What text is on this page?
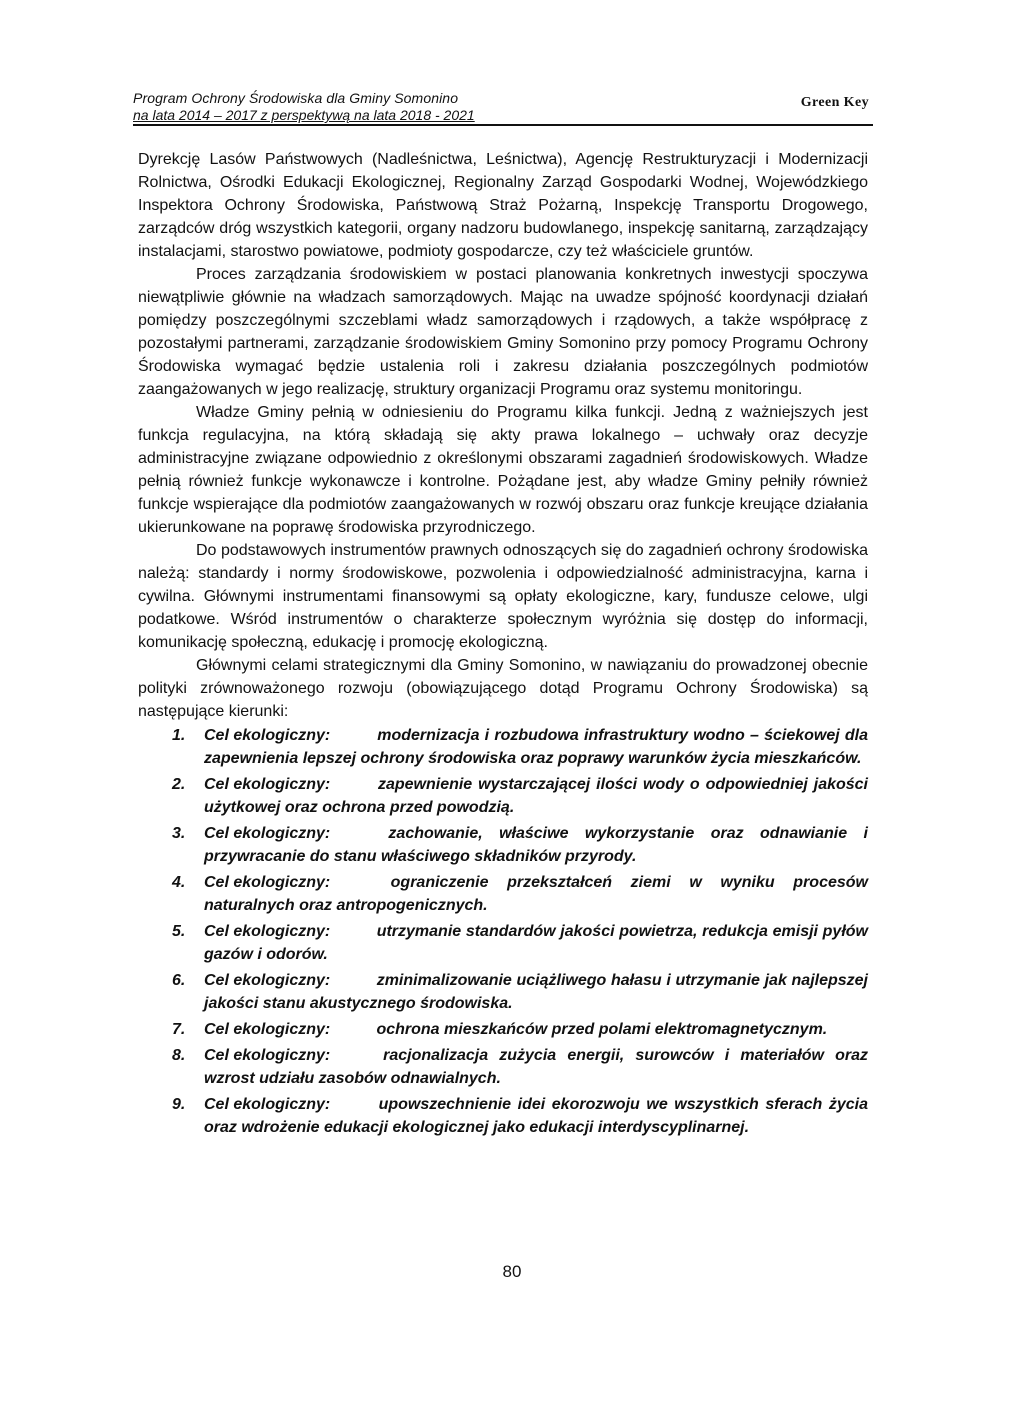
Program Ochrony Środowiska dla Gminy Somonino
na lata 2014 – 2017 z perspektywą na lata 2018 - 2021
Green Key

Dyrekcję Lasów Państwowych (Nadleśnictwa, Leśnictwa), Agencję Restrukturyzacji i Modernizacji Rolnictwa, Ośrodki Edukacji Ekologicznej, Regionalny Zarząd Gospodarki Wodnej, Wojewódzkiego Inspektora Ochrony Środowiska, Państwową Straż Pożarną, Inspekcję Transportu Drogowego, zarządców dróg wszystkich kategorii, organy nadzoru budowlanego, inspekcję sanitarną, zarządzający instalacjami, starostwo powiatowe, podmioty gospodarcze, czy też właściciele gruntów.

Proces zarządzania środowiskiem w postaci planowania konkretnych inwestycji spoczywa niewątpliwie głównie na władzach samorządowych. Mając na uwadze spójność koordynacji działań pomiędzy poszczególnymi szczeblami władz samorządowych i rządowych, a także współpracę z pozostałymi partnerami, zarządzanie środowiskiem Gminy Somonino przy pomocy Programu Ochrony Środowiska wymagać będzie ustalenia roli i zakresu działania poszczególnych podmiotów zaangażowanych w jego realizację, struktury organizacji Programu oraz systemu monitoringu.

Władze Gminy pełnią w odniesieniu do Programu kilka funkcji. Jedną z ważniejszych jest funkcja regulacyjna, na którą składają się akty prawa lokalnego – uchwały oraz decyzje administracyjne związane odpowiednio z określonymi obszarami zagadnień środowiskowych. Władze pełnią również funkcje wykonawcze i kontrolne. Pożądane jest, aby władze Gminy pełniły również funkcje wspierające dla podmiotów zaangażowanych w rozwój obszaru oraz funkcje kreujące działania ukierunkowane na poprawę środowiska przyrodniczego.

Do podstawowych instrumentów prawnych odnoszących się do zagadnień ochrony środowiska należą: standardy i normy środowiskowe, pozwolenia i odpowiedzialność administracyjna, karna i cywilna. Głównymi instrumentami finansowymi są opłaty ekologiczne, kary, fundusze celowe, ulgi podatkowe. Wśród instrumentów o charakterze społecznym wyróżnia się dostęp do informacji, komunikację społeczną, edukację i promocję ekologiczną.

Głównymi celami strategicznymi dla Gminy Somonino, w nawiązaniu do prowadzonej obecnie polityki zrównoważonego rozwoju (obowiązującego dotąd Programu Ochrony Środowiska) są następujące kierunki:

1. Cel ekologiczny:	modernizacja i rozbudowa infrastruktury wodno – ściekowej dla zapewnienia lepszej ochrony środowiska oraz poprawy warunków życia mieszkańców.
2. Cel ekologiczny:	zapewnienie wystarczającej ilości wody o odpowiedniej jakości użytkowej oraz ochrona przed powodzią.
3. Cel ekologiczny:	zachowanie, właściwe wykorzystanie oraz odnawianie i przywracanie do stanu właściwego składników przyrody.
4. Cel ekologiczny:	ograniczenie przekształceń ziemi w wyniku procesów naturalnych oraz antropogenicznych.
5. Cel ekologiczny:	utrzymanie standardów jakości powietrza, redukcja emisji pyłów gazów i odorów.
6. Cel ekologiczny:	zminimalizowanie uciążliwego hałasu i utrzymanie jak najlepszej jakości stanu akustycznego środowiska.
7. Cel ekologiczny:	ochrona mieszkańców przed polami elektromagnetycznym.
8. Cel ekologiczny:	racjonalizacja zużycia energii, surowców i materiałów oraz wzrost udziału zasobów odnawialnych.
9. Cel ekologiczny:	upowszechnienie idei ekorozwoju we wszystkich sferach życia oraz wdrożenie edukacji ekologicznej jako edukacji interdyscyplinarnej.
80
